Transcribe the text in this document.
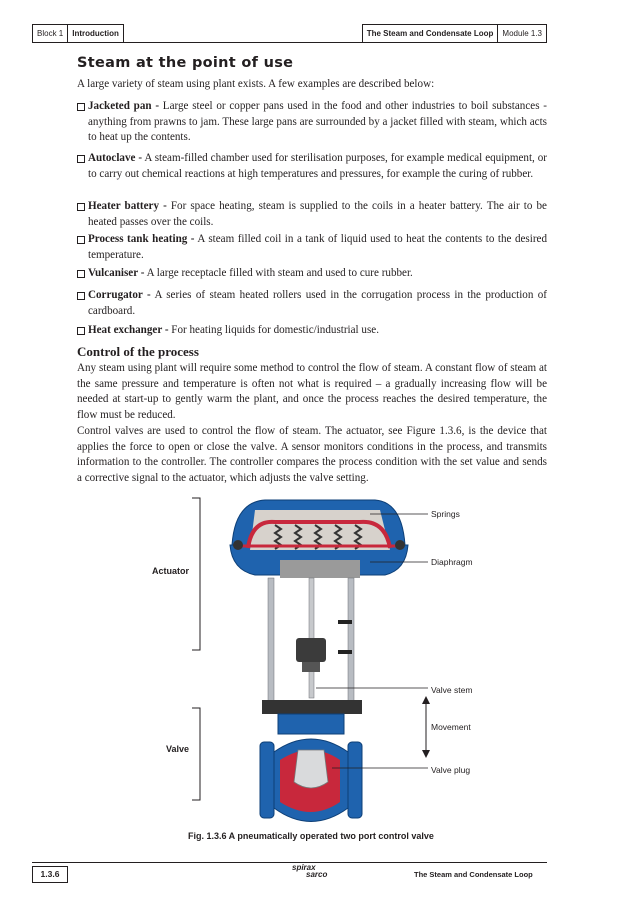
Block 1 Introduction	The Steam and Condensate Loop Module 1.3
Steam at the point of use

A large variety of steam using plant exists. A few examples are described below:

Jacketed pan - Large steel or copper pans used in the food and other industries to boil substances - anything from prawns to jam. These large pans are surrounded by a jacket filled with steam, which acts to heat up the contents.

Autoclave - A steam-filled chamber used for sterilisation purposes, for example medical equipment, or to carry out chemical reactions at high temperatures and pressures, for example the curing of rubber.

Heater battery - For space heating, steam is supplied to the coils in a heater battery. The air to be heated passes over the coils.

Process tank heating - A steam filled coil in a tank of liquid used to heat the contents to the desired temperature.

Vulcaniser - A large receptacle filled with steam and used to cure rubber.

Corrugator - A series of steam heated rollers used in the corrugation process in the production of cardboard.

Heat exchanger - For heating liquids for domestic/industrial use.

Control of the process

Any steam using plant will require some method to control the flow of steam. A constant flow of steam at the same pressure and temperature is often not what is required – a gradually increasing flow will be needed at start-up to gently warm the plant, and once the process reaches the desired temperature, the flow must be reduced.

Control valves are used to control the flow of steam. The actuator, see Figure 1.3.6, is the device that applies the force to open or close the valve. A sensor monitors conditions in the process, and transmits information to the controller. The controller compares the process condition with the set value and sends a corrective signal to the actuator, which adjusts the valve setting.

Springs
Diaphragm
Actuator
Valve stem
Movement
Valve
Valve plug
Fig. 1.3.6 A pneumatically operated two port control valve
1.3.6
spirax
sarco	The Steam and Condensate Loop
